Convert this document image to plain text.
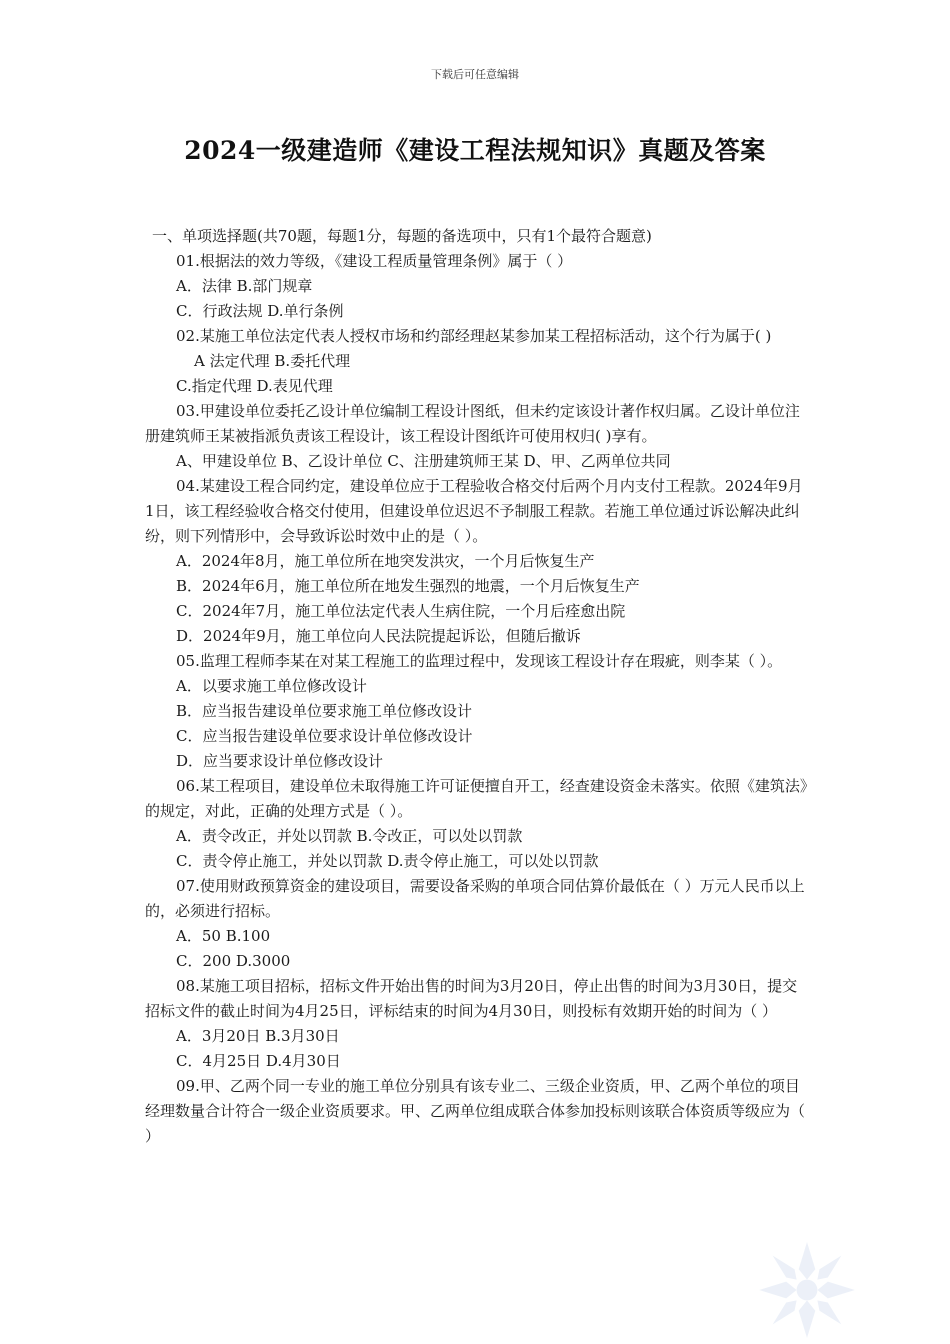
下载后可任意编辑
2024一级建造师《建设工程法规知识》真题及答案

一、单项选择题(共70题，每题1分，每题的备选项中，只有1个最符合题意)

01.根据法的效力等级，《建设工程质量管理条例》属于（ ）

A．法律 B.部门规章

C．行政法规 D.单行条例

02.某施工单位法定代表人授权市场和约部经理赵某参加某工程招标活动，这个行为属于( )

A 法定代理 B.委托代理

C.指定代理 D.表见代理

03.甲建设单位委托乙设计单位编制工程设计图纸，但未约定该设计著作权归属。乙设计单位注册建筑师王某被指派负责该工程设计，该工程设计图纸许可使用权归( )享有。

A、甲建设单位 B、乙设计单位 C、注册建筑师王某 D、甲、乙两单位共同

04.某建设工程合同约定，建设单位应于工程验收合格交付后两个月内支付工程款。2024年9月1日，该工程经验收合格交付使用，但建设单位迟迟不予制服工程款。若施工单位通过诉讼解决此纠纷，则下列情形中，会导致诉讼时效中止的是（ ）。

A．2024年8月，施工单位所在地突发洪灾，一个月后恢复生产

B．2024年6月，施工单位所在地发生强烈的地震，一个月后恢复生产

C．2024年7月，施工单位法定代表人生病住院，一个月后痊愈出院

D．2024年9月，施工单位向人民法院提起诉讼，但随后撤诉

05.监理工程师李某在对某工程施工的监理过程中，发现该工程设计存在瑕疵，则李某（ ）。

A．以要求施工单位修改设计

B．应当报告建设单位要求施工单位修改设计

C．应当报告建设单位要求设计单位修改设计

D．应当要求设计单位修改设计

06.某工程项目，建设单位未取得施工许可证便擅自开工，经查建设资金未落实。依照《建筑法》的规定，对此，正确的处理方式是（ ）。

A．责令改正，并处以罚款 B.令改正，可以处以罚款

C．责令停止施工，并处以罚款 D.责令停止施工，可以处以罚款

07.使用财政预算资金的建设项目，需要设备采购的单项合同估算价最低在（ ）万元人民币以上的，必须进行招标。

A．50 B.100

C．200 D.3000

08.某施工项目招标，招标文件开始出售的时间为3月20日，停止出售的时间为3月30日，提交招标文件的截止时间为4月25日，评标结束的时间为4月30日，则投标有效期开始的时间为（ ）

A．3月20日 B.3月30日

C．4月25日 D.4月30日

09.甲、乙两个同一专业的施工单位分别具有该专业二、三级企业资质，甲、乙两个单位的项目经理数量合计符合一级企业资质要求。甲、乙两单位组成联合体参加投标则该联合体资质等级应为（ ）
